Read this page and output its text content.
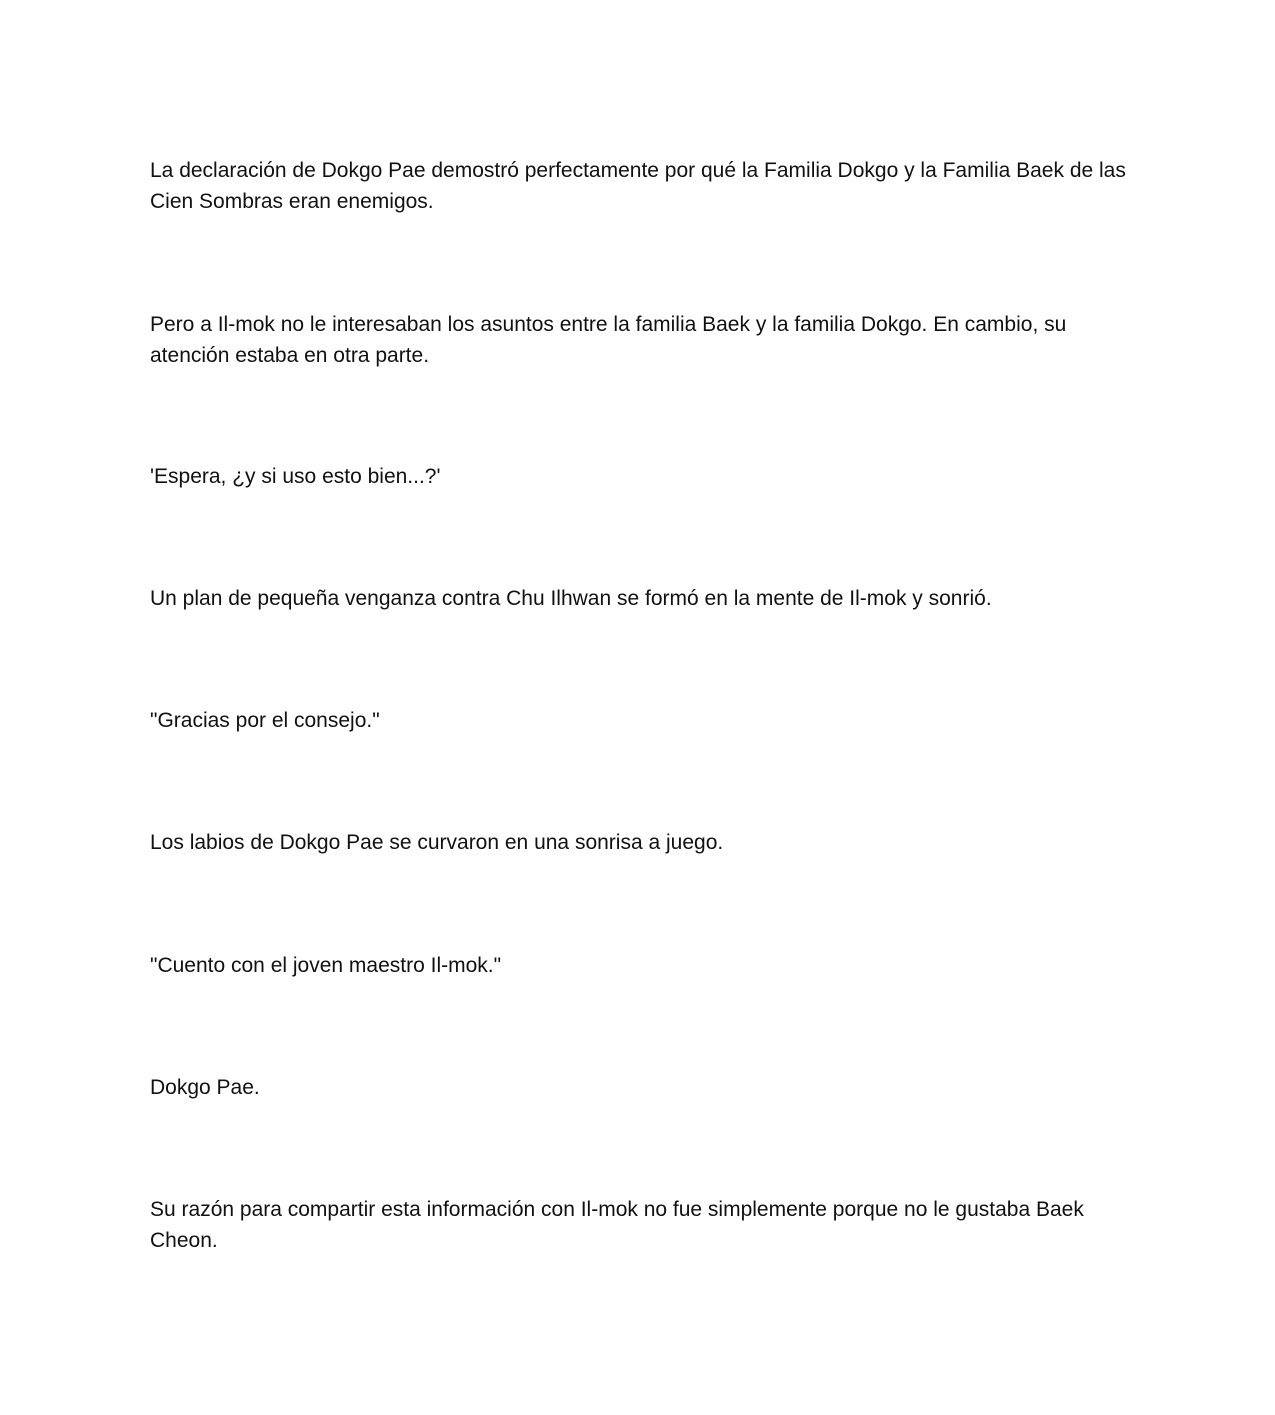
La declaración de Dokgo Pae demostró perfectamente por qué la Familia Dokgo y la Familia Baek de las Cien Sombras eran enemigos.

Pero a Il-mok no le interesaban los asuntos entre la familia Baek y la familia Dokgo. En cambio, su atención estaba en otra parte.

'Espera, ¿y si uso esto bien...?'

Un plan de pequeña venganza contra Chu Ilhwan se formó en la mente de Il-mok y sonrió.

"Gracias por el consejo."

Los labios de Dokgo Pae se curvaron en una sonrisa a juego.

"Cuento con el joven maestro Il-mok."

Dokgo Pae.

Su razón para compartir esta información con Il-mok no fue simplemente porque no le gustaba Baek Cheon.
